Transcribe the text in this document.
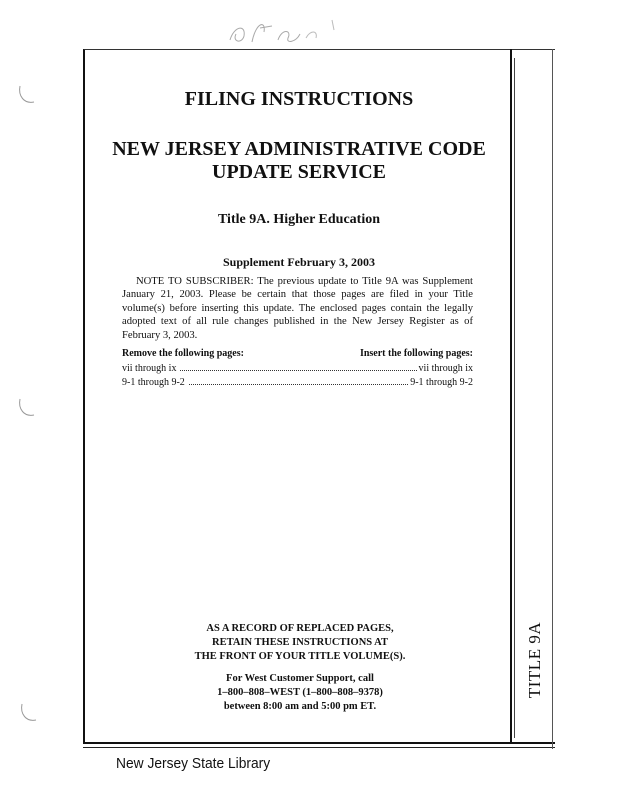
TITLE 9A
FILING INSTRUCTIONS
NEW JERSEY ADMINISTRATIVE CODE
UPDATE SERVICE
Title 9A. Higher Education
Supplement February 3, 2003
NOTE TO SUBSCRIBER: The previous update to Title 9A was Supplement January 21, 2003. Please be certain that those pages are filed in your Title volume(s) before inserting this update. The enclosed pages contain the legally adopted text of all rule changes published in the New Jersey Register as of February 3, 2003.
Remove the following pages:	Insert the following pages:
vii through ix	vii through ix
9-1 through 9-2	9-1 through 9-2
AS A RECORD OF REPLACED PAGES,
RETAIN THESE INSTRUCTIONS AT
THE FRONT OF YOUR TITLE VOLUME(S).
For West Customer Support, call
1–800–808–WEST (1–800–808–9378)
between 8:00 am and 5:00 pm ET.
New Jersey State Library
